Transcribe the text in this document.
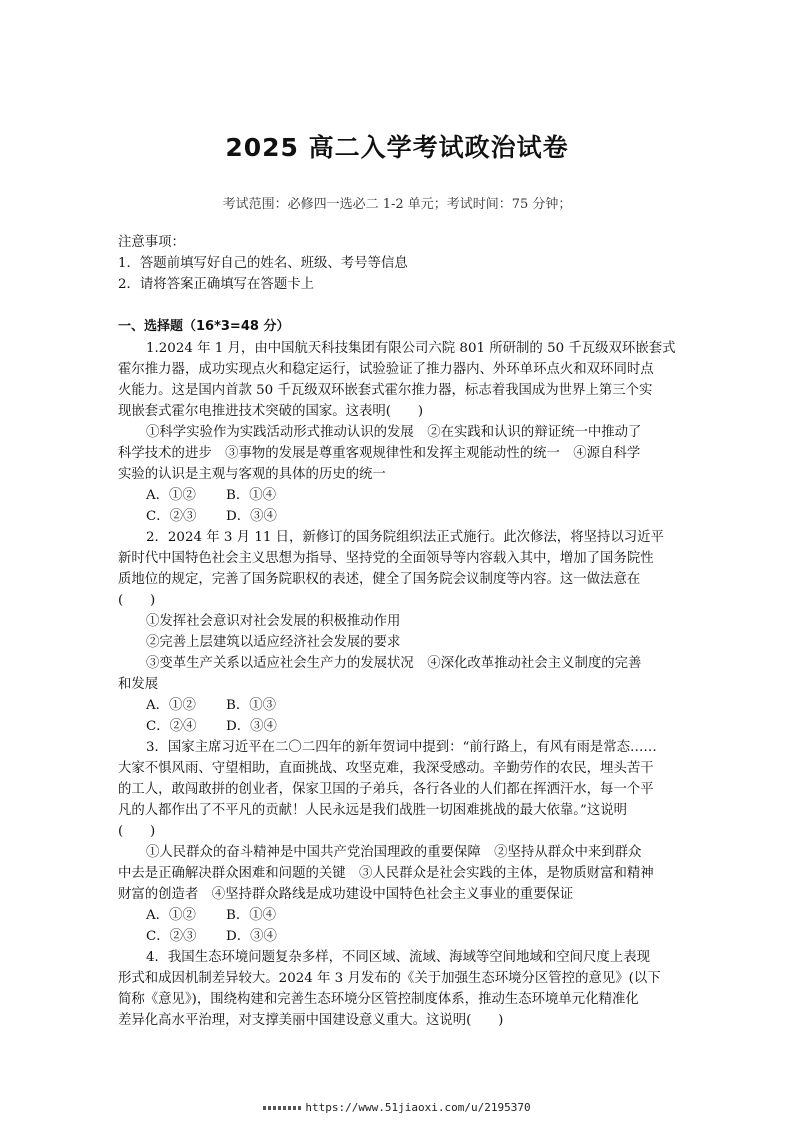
2025 高二入学考试政治试卷
考试范围：必修四一选必二 1-2 单元；考试时间：75 分钟；
注意事项：
1．答题前填写好自己的姓名、班级、考号等信息
2．请将答案正确填写在答题卡上
一、选择题（16*3=48 分）
1.2024 年 1 月，由中国航天科技集团有限公司六院 801 所研制的 50 千瓦级双环嵌套式
霍尔推力器，成功实现点火和稳定运行，试验验证了推力器内、外环单环点火和双环同时点
火能力。这是国内首款 50 千瓦级双环嵌套式霍尔推力器，标志着我国成为世界上第三个实
现嵌套式霍尔电推进技术突破的国家。这表明(　　)
①科学实验作为实践活动形式推动认识的发展　②在实践和认识的辩证统一中推动了
科学技术的进步　③事物的发展是尊重客观规律性和发挥主观能动性的统一　④源自科学
实验的认识是主观与客观的具体的历史的统一
A．①② B．①④
C．②③ D．③④
2．2024 年 3 月 11 日，新修订的国务院组织法正式施行。此次修法，将坚持以习近平
新时代中国特色社会主义思想为指导、坚持党的全面领导等内容载入其中，增加了国务院性
质地位的规定，完善了国务院职权的表述，健全了国务院会议制度等内容。这一做法意在
(　　)
①发挥社会意识对社会发展的积极推动作用
②完善上层建筑以适应经济社会发展的要求
③变革生产关系以适应社会生产力的发展状况　④深化改革推动社会主义制度的完善
和发展
A．①② B．①③
C．②④ D．③④
3．国家主席习近平在二〇二四年的新年贺词中提到：“前行路上，有风有雨是常态……
大家不惧风雨、守望相助，直面挑战、攻坚克难，我深受感动。辛勤劳作的农民，埋头苦干
的工人，敢闯敢拼的创业者，保家卫国的子弟兵，各行各业的人们都在挥洒汗水，每一个平
凡的人都作出了不平凡的贡献！人民永远是我们战胜一切困难挑战的最大依靠。”这说明
(　　)
①人民群众的奋斗精神是中国共产党治国理政的重要保障　②坚持从群众中来到群众
中去是正确解决群众困难和问题的关键　③人民群众是社会实践的主体，是物质财富和精神
财富的创造者　④坚持群众路线是成功建设中国特色社会主义事业的重要保证
A．①② B．①④
C．②③ D．③④
4．我国生态环境问题复杂多样，不同区域、流域、海域等空间地域和空间尺度上表现
形式和成因机制差异较大。2024 年 3 月发布的《关于加强生态环境分区管控的意见》(以下
简称《意见》)，围绕构建和完善生态环境分区管控制度体系，推动生态环境单元化精准化
差异化高水平治理，对支撑美丽中国建设意义重大。这说明(　　)
https://www.51jiaoxi.com/u/2195370
